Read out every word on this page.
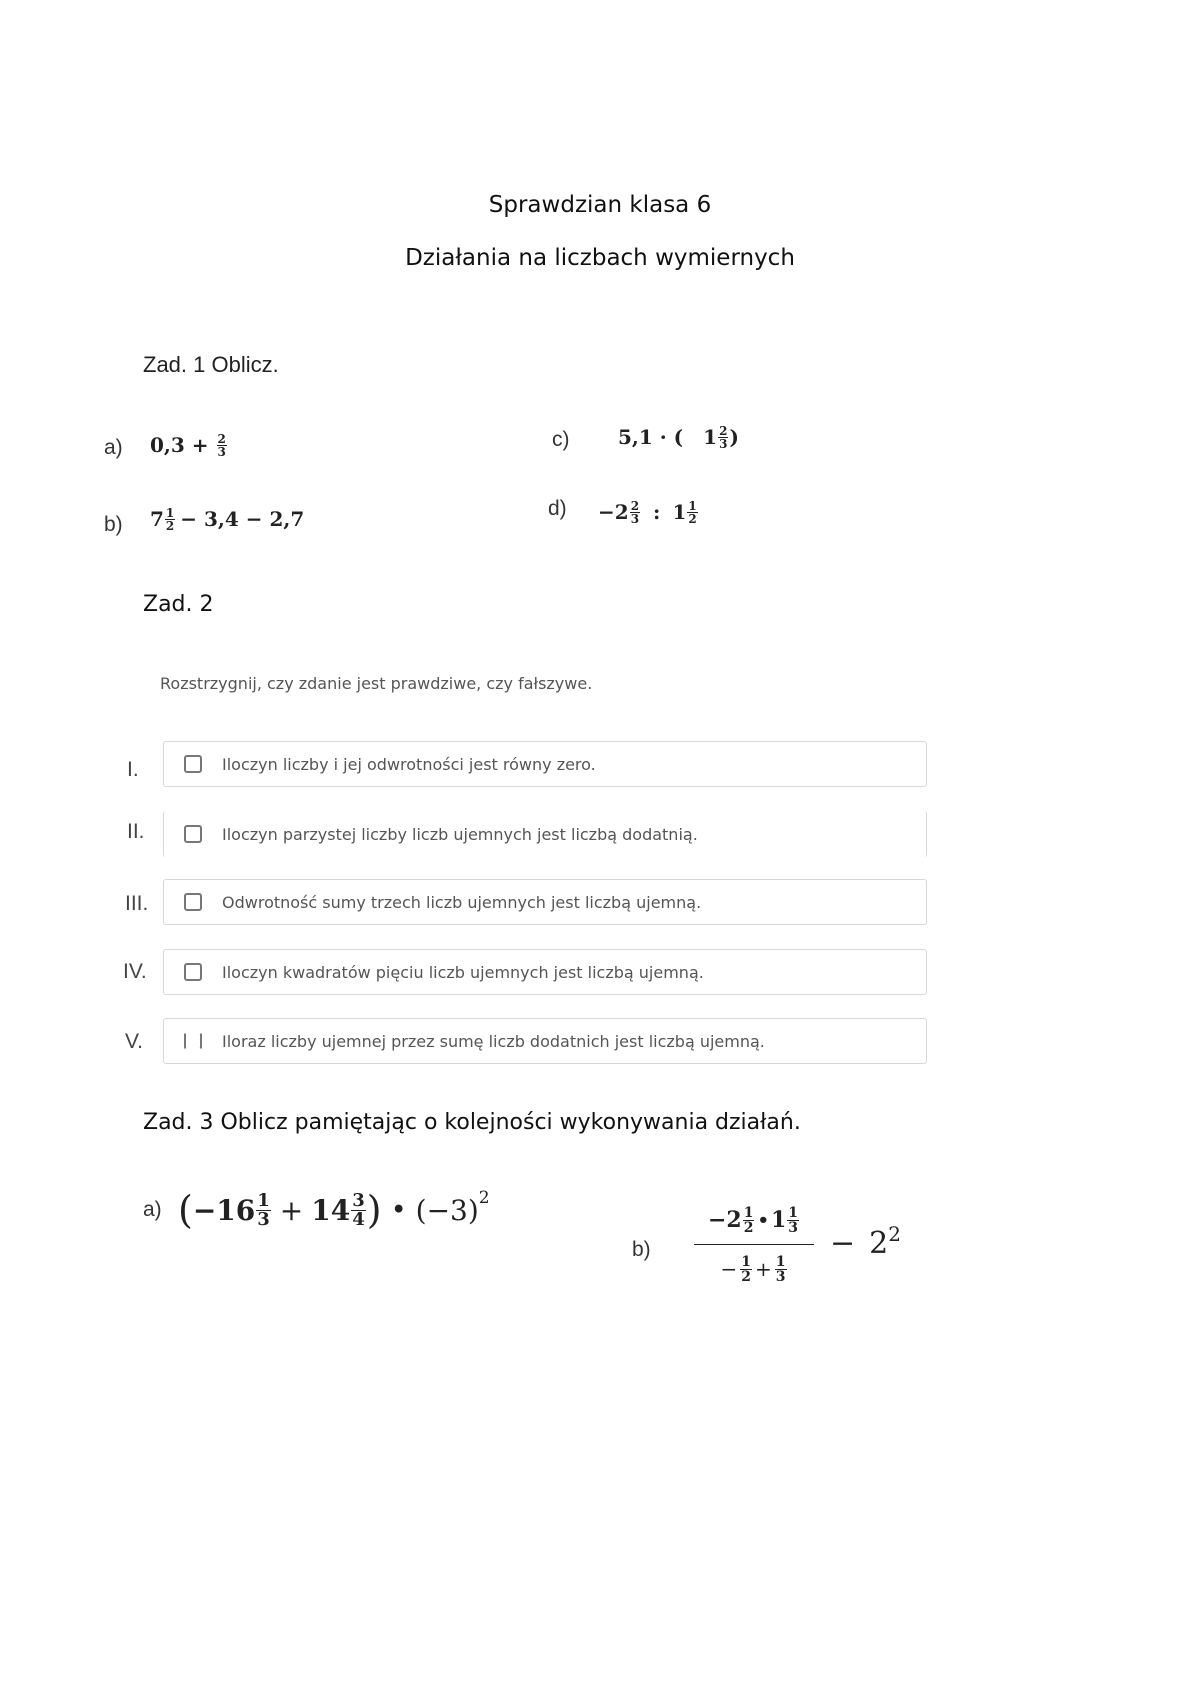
Sprawdzian klasa 6
Działania na liczbach wymiernych
Zad. 1 Oblicz.
a) $0,3 + \frac{2}{3}$
b) $7 \frac{1}{2} - 3,4 - 2,7$
c) 5,1 · ( $1 \frac{2}{3}$ )
$d) -2 \frac{2}{3}$ : $1 \frac{1}{2}$
Zad. 2
Rozstrzygnij, czy zdanie jest prawdziwe, czy fałszywe.
I.	Iloczyn liczby i jej odwrotności jest równy zero.
II.	Iloczyn parzystej liczby liczb ujemnych jest liczbą dodatnią.
III.	Odwrotność sumy trzech liczb ujemnych jest liczbą ujemną.
IV.	Iloczyn kwadratów pięciu liczb ujemnych jest liczbą ujemną.
V.	Iloraz liczby ujemnej przez sumę liczb dodatnich jest liczbą ujemną.
Zad. 3 Oblicz pamiętając o kolejności wykonywania działań.
a) ( $-16 \frac{1}{3} + 14 \frac{3}{4}$ ) • (−3) 2
b)
$-2 \frac{1}{2}$ • $1 \frac{1}{3}$
− $\frac{1}{2} + \frac{1}{3}$
− 2 2
